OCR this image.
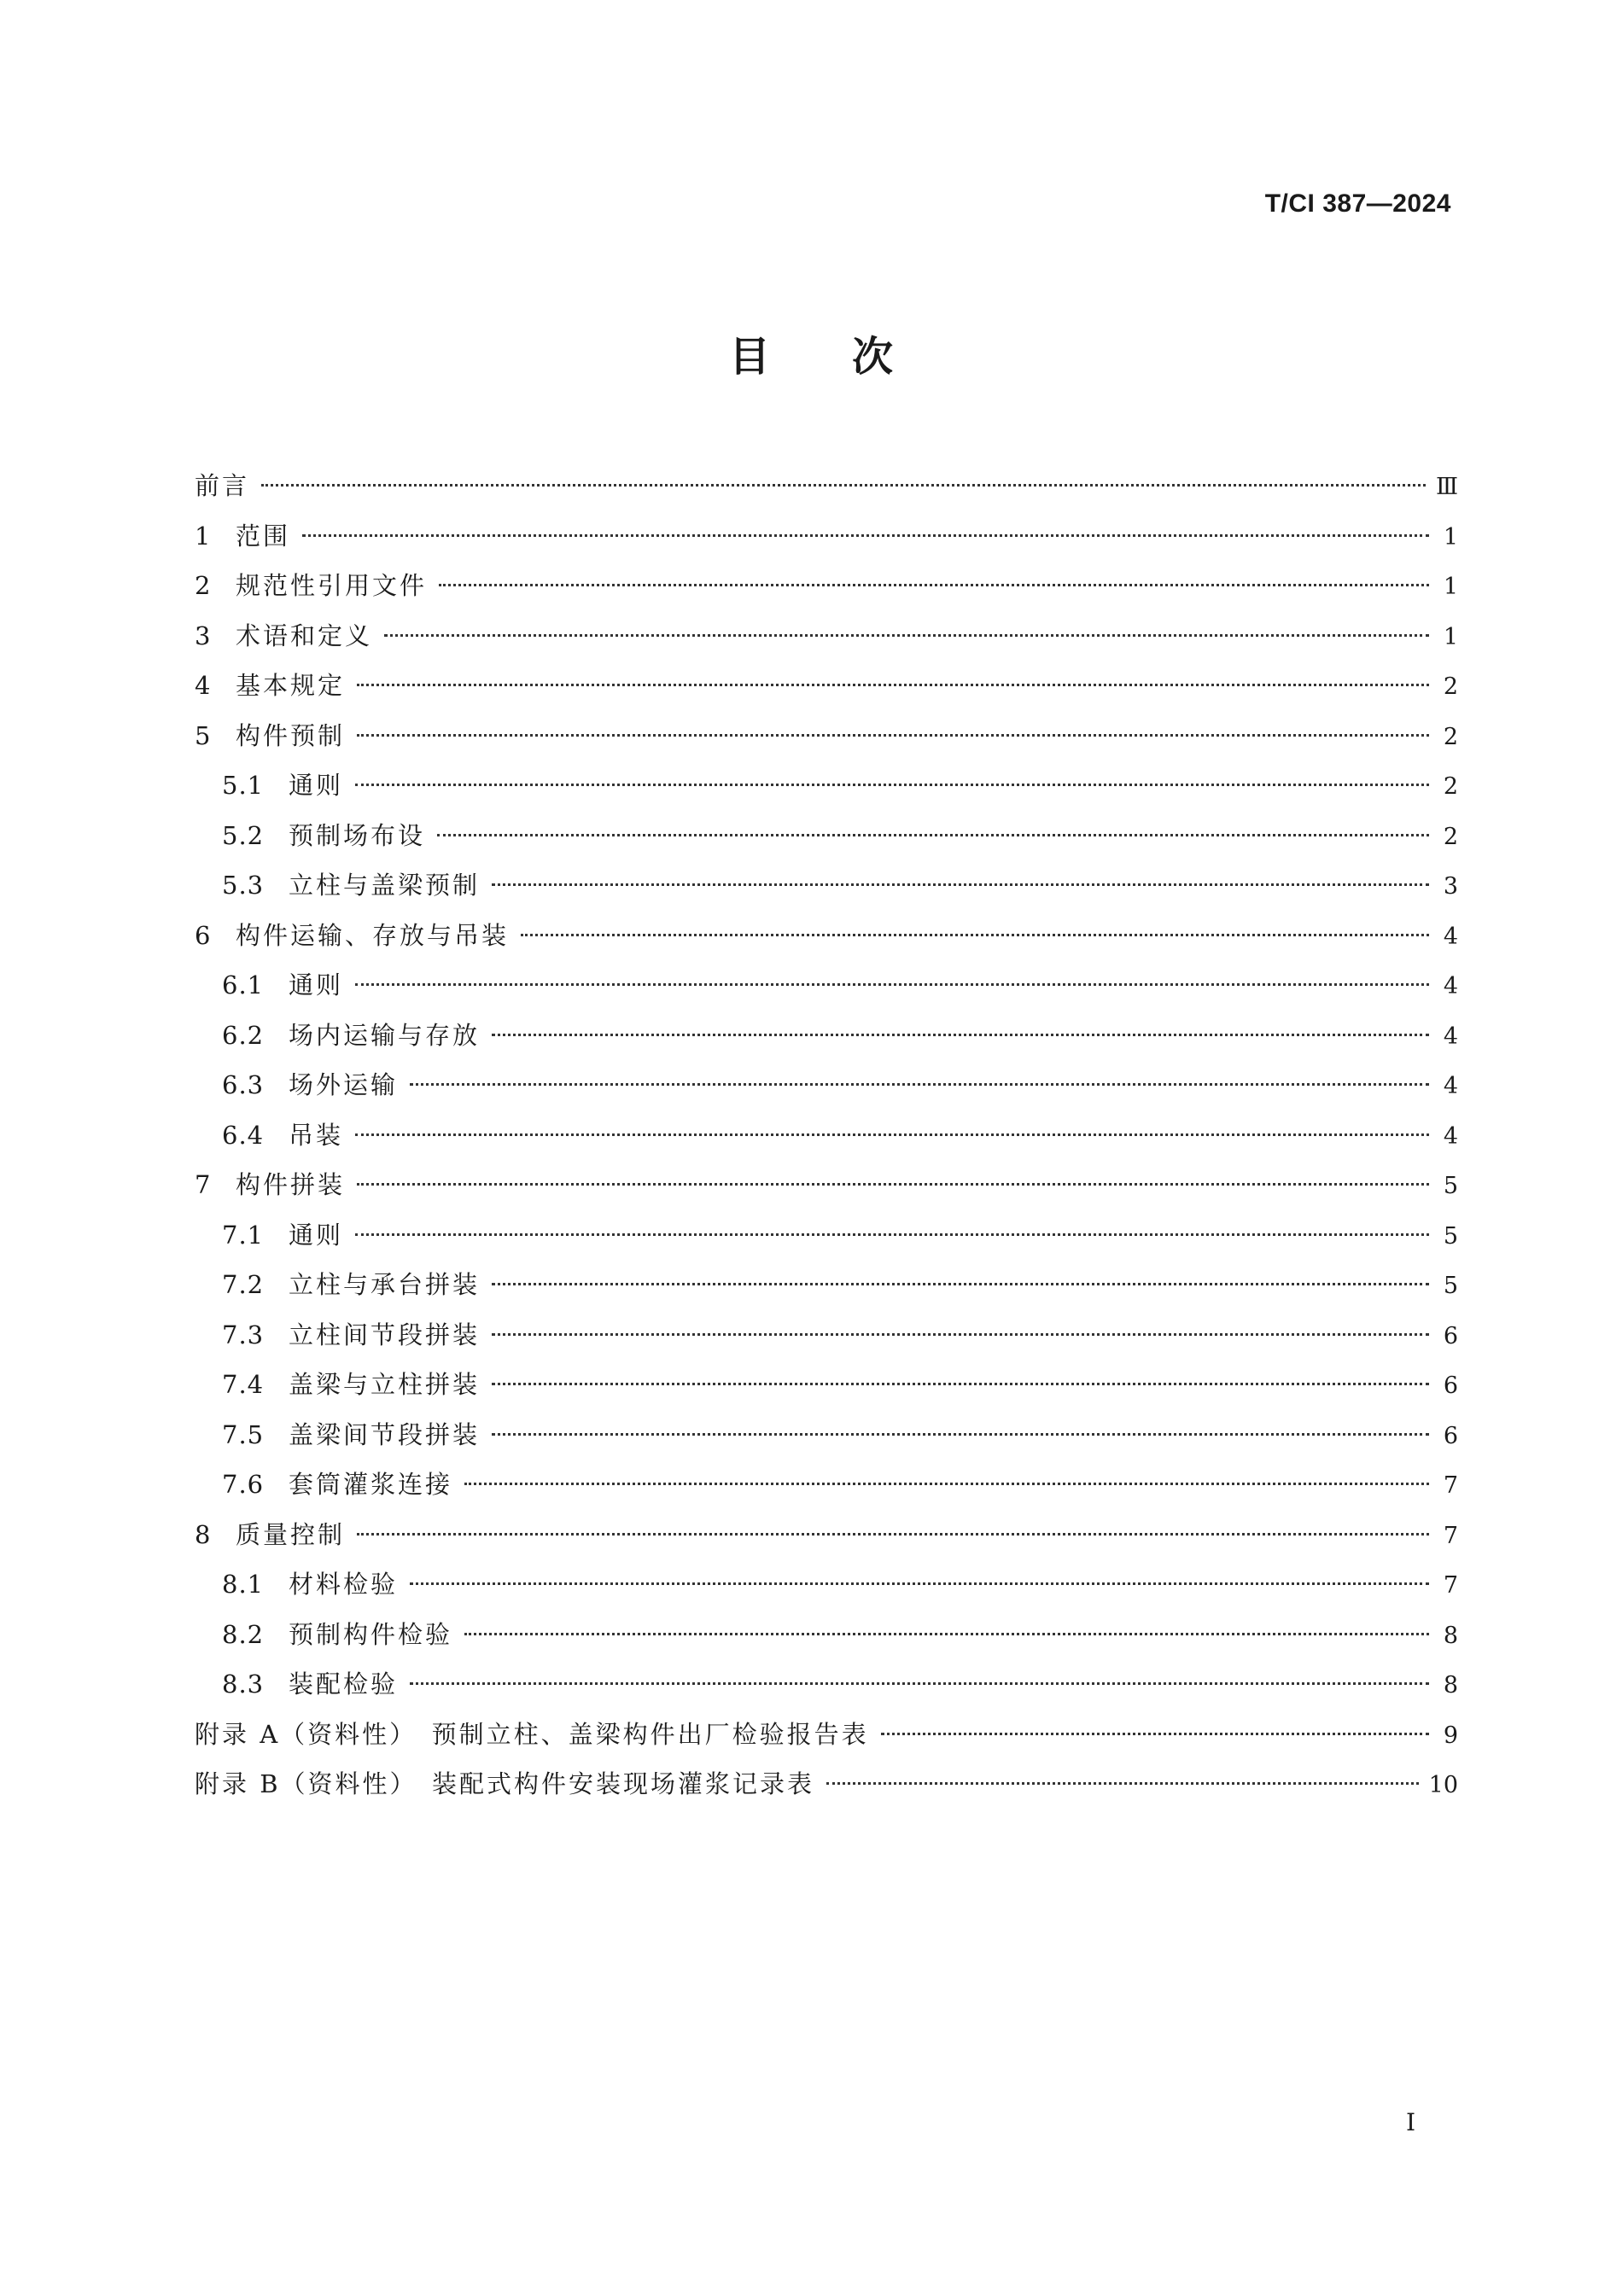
T/CI 387—2024
目 次
前言	Ⅲ
1 范围	1
2 规范性引用文件	1
3 术语和定义	1
4 基本规定	2
5 构件预制	2
5.1 通则	2
5.2 预制场布设	2
5.3 立柱与盖梁预制	3
6 构件运输、存放与吊装	4
6.1 通则	4
6.2 场内运输与存放	4
6.3 场外运输	4
6.4 吊装	4
7 构件拼装	5
7.1 通则	5
7.2 立柱与承台拼装	5
7.3 立柱间节段拼装	6
7.4 盖梁与立柱拼装	6
7.5 盖梁间节段拼装	6
7.6 套筒灌浆连接	7
8 质量控制	7
8.1 材料检验	7
8.2 预制构件检验	8
8.3 装配检验	8
附录 A（资料性）　预制立柱、盖梁构件出厂检验报告表	9
附录 B（资料性）　装配式构件安装现场灌浆记录表	10
Ⅰ
